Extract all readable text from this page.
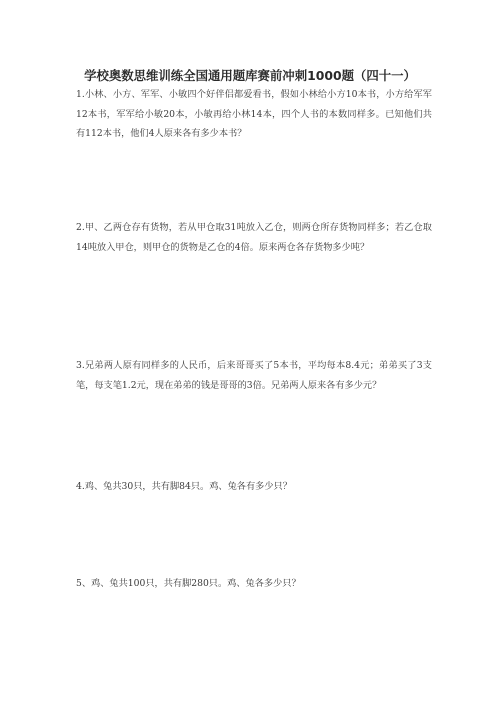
学校奥数思维训练全国通用题库赛前冲刺1000题（四十一）

1.小林、小方、军军、小敏四个好伴侣都爱看书，假如小林给小方10本书，小方给军军12本书，军军给小敏20本，小敏再给小林14本，四个人书的本数同样多。已知他们共有112本书，他们4人原来各有多少本书？

2.甲、乙两仓存有货物，若从甲仓取31吨放入乙仓，则两仓所存货物同样多；若乙仓取14吨放入甲仓，则甲仓的货物是乙仓的4倍。原来两仓各存货物多少吨？

3.兄弟两人原有同样多的人民币，后来哥哥买了5本书，平均每本8.4元；弟弟买了3支笔，每支笔1.2元，现在弟弟的钱是哥哥的3倍。兄弟两人原来各有多少元？

4.鸡、兔共30只，共有脚84只。鸡、兔各有多少只？

5、鸡、兔共100只，共有脚280只。鸡、兔各多少只？
